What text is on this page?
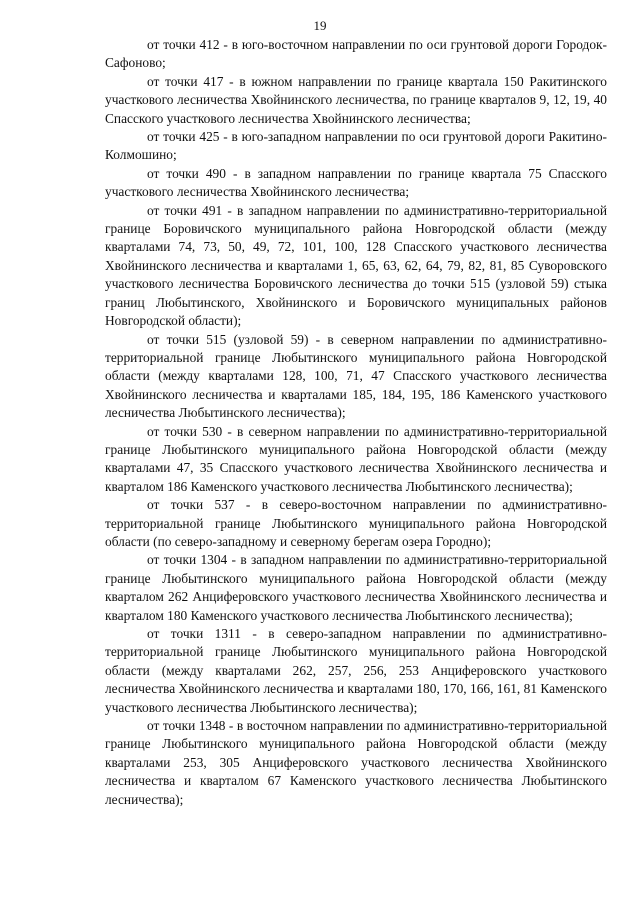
19

от точки 412 - в юго-восточном направлении по оси грунтовой дороги Городок-Сафоново;

от точки 417 - в южном направлении по границе квартала 150 Ракитинского участкового лесничества Хвойнинского лесничества, по границе кварталов 9, 12, 19, 40 Спасского участкового лесничества Хвойнинского лесничества;

от точки 425 - в юго-западном направлении по оси грунтовой дороги Ракитино-Колмошино;

от точки 490 - в западном направлении по границе квартала 75 Спасского участкового лесничества Хвойнинского лесничества;

от точки 491 - в западном направлении по административно-территориальной границе Боровичского муниципального района Новгородской области (между кварталами 74, 73, 50, 49, 72, 101, 100, 128 Спасского участкового лесничества Хвойнинского лесничества и кварталами 1, 65, 63, 62, 64, 79, 82, 81, 85 Суворовского участкового лесничества Боровичского лесничества до точки 515 (узловой 59) стыка границ Любытинского, Хвойнинского и Боровичского муниципальных районов Новгородской области);

от точки 515 (узловой 59) - в северном направлении по административно-территориальной границе Любытинского муниципального района Новгородской области (между кварталами 128, 100, 71, 47 Спасского участкового лесничества Хвойнинского лесничества и кварталами 185, 184, 195, 186 Каменского участкового лесничества Любытинского лесничества);

от точки 530 - в северном направлении по административно-территориальной границе Любытинского муниципального района Новгородской области (между кварталами 47, 35 Спасского участкового лесничества Хвойнинского лесничества и кварталом 186 Каменского участкового лесничества Любытинского лесничества);

от точки 537 - в северо-восточном направлении по административно-территориальной границе Любытинского муниципального района Новгородской области (по северо-западному и северному берегам озера Городно);

от точки 1304 - в западном направлении по административно-территориальной границе Любытинского муниципального района Новгородской области (между кварталом 262 Анциферовского участкового лесничества Хвойнинского лесничества и кварталом 180 Каменского участкового лесничества Любытинского лесничества);

от точки 1311 - в северо-западном направлении по административно-территориальной границе Любытинского муниципального района Новгородской области (между кварталами 262, 257, 256, 253 Анциферовского участкового лесничества Хвойнинского лесничества и кварталами 180, 170, 166, 161, 81 Каменского участкового лесничества Любытинского лесничества);

от точки 1348 - в восточном направлении по административно-территориальной границе Любытинского муниципального района Новгородской области (между кварталами 253, 305 Анциферовского участкового лесничества Хвойнинского лесничества и кварталом 67 Каменского участкового лесничества Любытинского лесничества);
